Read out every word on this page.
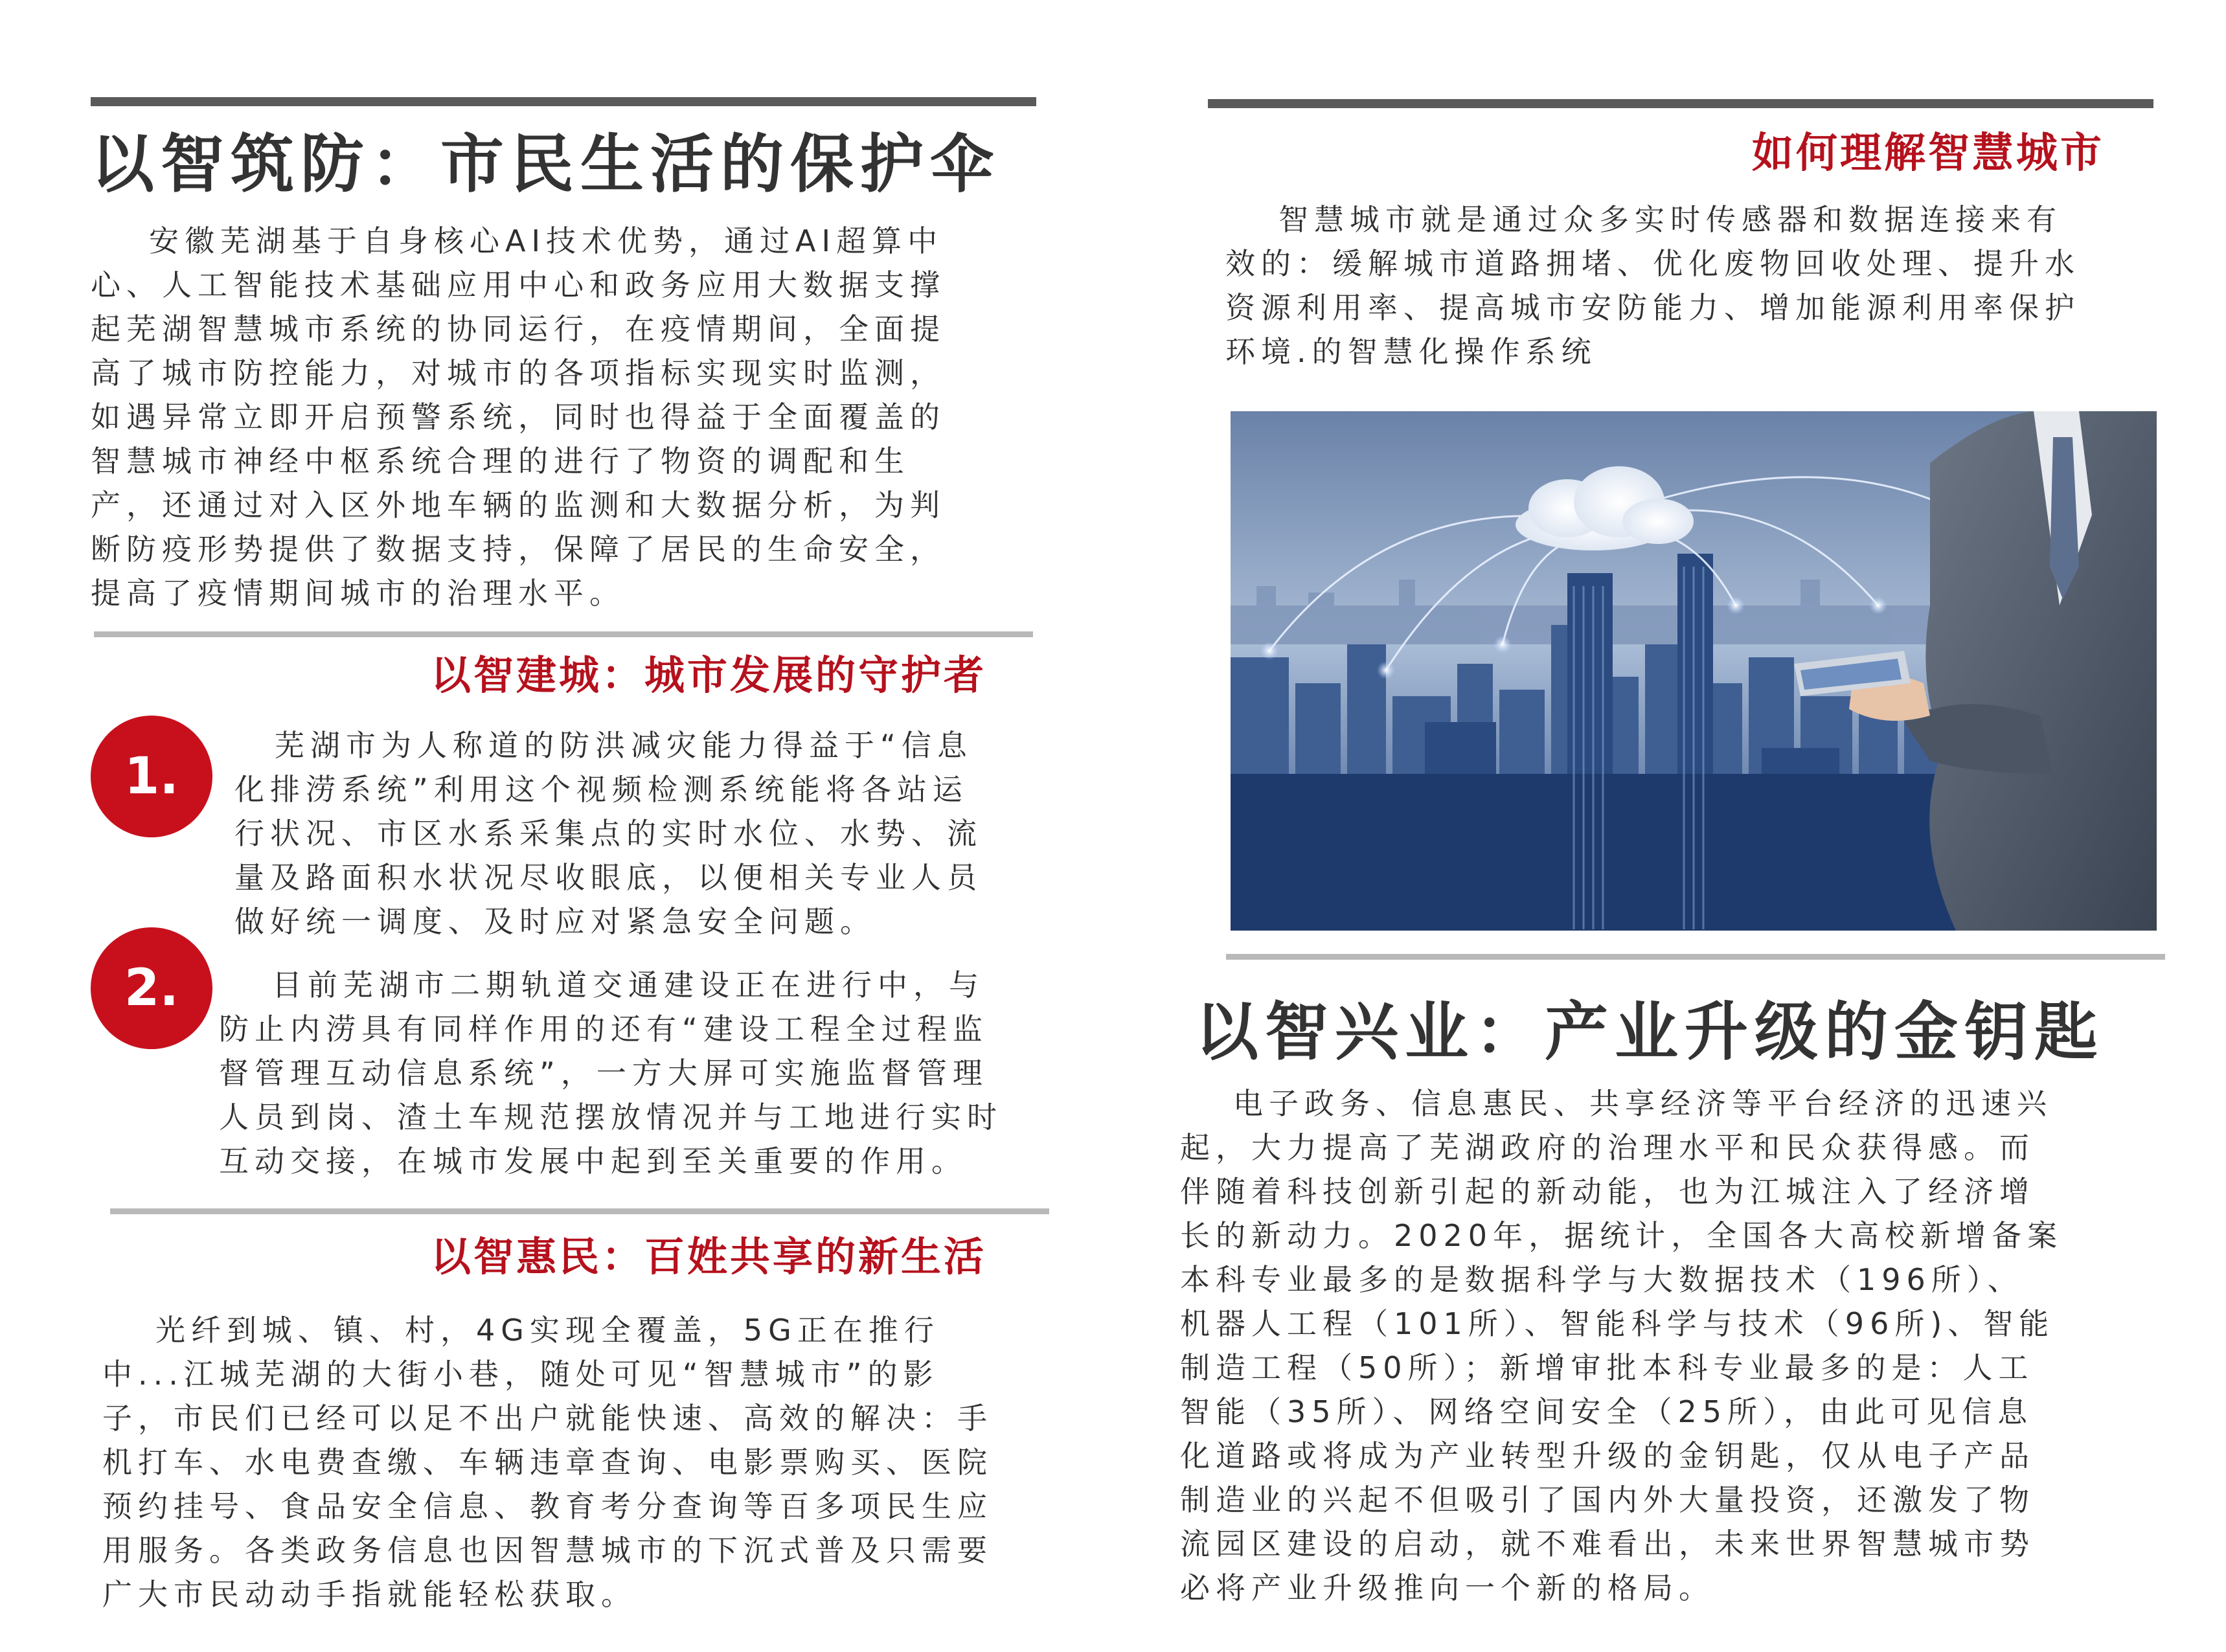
以智筑防：市民生活的保护伞
安徽芜湖基于自身核心AI技术优势，通过AI超算中
心、人工智能技术基础应用中心和政务应用大数据支撑
起芜湖智慧城市系统的协同运行，在疫情期间，全面提
高了城市防控能力，对城市的各项指标实现实时监测，
如遇异常立即开启预警系统，同时也得益于全面覆盖的
智慧城市神经中枢系统合理的进行了物资的调配和生
产，还通过对入区外地车辆的监测和大数据分析，为判
断防疫形势提供了数据支持，保障了居民的生命安全，
提高了疫情期间城市的治理水平。
以智建城：城市发展的守护者
1.
芜湖市为人称道的防洪减灾能力得益于“信息
化排涝系统”利用这个视频检测系统能将各站运
行状况、市区水系采集点的实时水位、水势、流
量及路面积水状况尽收眼底，以便相关专业人员
做好统一调度、及时应对紧急安全问题。
2.	目前芜湖市二期轨道交通建设正在进行中，与
防止内涝具有同样作用的还有“建设工程全过程监
督管理互动信息系统”，一方大屏可实施监督管理
人员到岗、渣土车规范摆放情况并与工地进行实时
互动交接，在城市发展中起到至关重要的作用。
以智惠民：百姓共享的新生活
光纤到城、镇、村，4G实现全覆盖，5G正在推行
中...江城芜湖的大街小巷，随处可见“智慧城市”的影
子，市民们已经可以足不出户就能快速、高效的解决：手
机打车、水电费查缴、车辆违章查询、电影票购买、医院
预约挂号、食品安全信息、教育考分查询等百多项民生应
用服务。各类政务信息也因智慧城市的下沉式普及只需要
广大市民动动手指就能轻松获取。
如何理解智慧城市
智慧城市就是通过众多实时传感器和数据连接来有
效的：缓解城市道路拥堵、优化废物回收处理、提升水
资源利用率、提高城市安防能力、增加能源利用率保护
环境.的智慧化操作系统
以智兴业：产业升级的金钥匙
电子政务、信息惠民、共享经济等平台经济的迅速兴
起，大力提高了芜湖政府的治理水平和民众获得感。而
伴随着科技创新引起的新动能，也为江城注入了经济增
长的新动力。2020年，据统计，全国各大高校新增备案
本科专业最多的是数据科学与大数据技术（196所）、
机器人工程（101所）、智能科学与技术（96所)、智能
制造工程（50所）；新增审批本科专业最多的是：人工
智能（35所）、网络空间安全（25所），由此可见信息
化道路或将成为产业转型升级的金钥匙，仅从电子产品
制造业的兴起不但吸引了国内外大量投资，还激发了物
流园区建设的启动，就不难看出，未来世界智慧城市势
必将产业升级推向一个新的格局。
